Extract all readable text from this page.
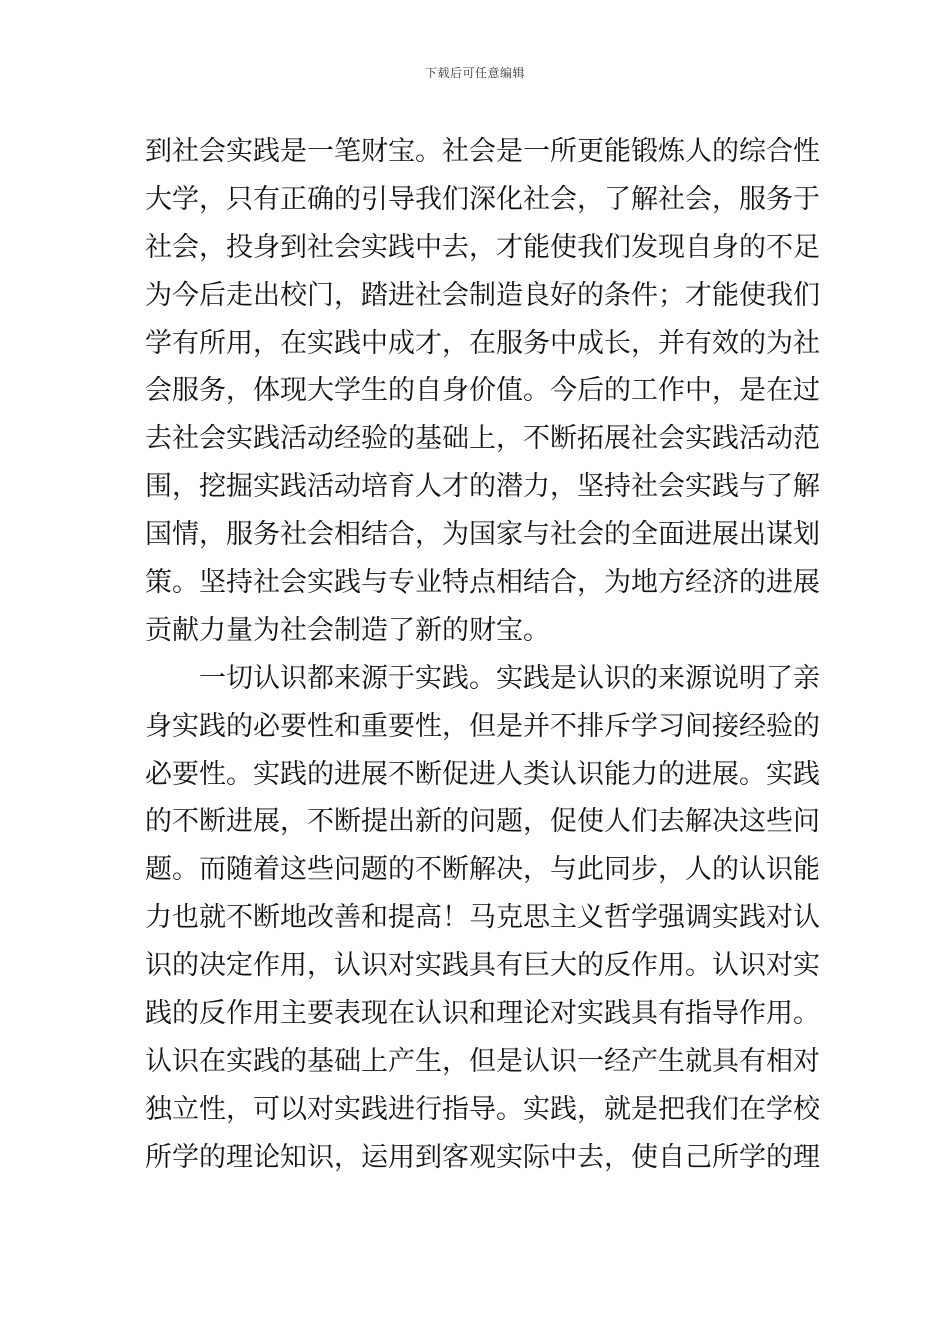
下载后可任意编辑
到社会实践是一笔财宝。社会是一所更能锻炼人的综合性
大学，只有正确的引导我们深化社会，了解社会，服务于
社会，投身到社会实践中去，才能使我们发现自身的不足
为今后走出校门，踏进社会制造良好的条件；才能使我们
学有所用，在实践中成才，在服务中成长，并有效的为社
会服务，体现大学生的自身价值。今后的工作中，是在过
去社会实践活动经验的基础上，不断拓展社会实践活动范
围，挖掘实践活动培育人才的潜力，坚持社会实践与了解
国情，服务社会相结合，为国家与社会的全面进展出谋划
策。坚持社会实践与专业特点相结合，为地方经济的进展
贡献力量为社会制造了新的财宝。
一切认识都来源于实践。实践是认识的来源说明了亲
身实践的必要性和重要性，但是并不排斥学习间接经验的
必要性。实践的进展不断促进人类认识能力的进展。实践
的不断进展，不断提出新的问题，促使人们去解决这些问
题。而随着这些问题的不断解决，与此同步，人的认识能
力也就不断地改善和提高！马克思主义哲学强调实践对认
识的决定作用，认识对实践具有巨大的反作用。认识对实
践的反作用主要表现在认识和理论对实践具有指导作用。
认识在实践的基础上产生，但是认识一经产生就具有相对
独立性，可以对实践进行指导。实践，就是把我们在学校
所学的理论知识，运用到客观实际中去，使自己所学的理
